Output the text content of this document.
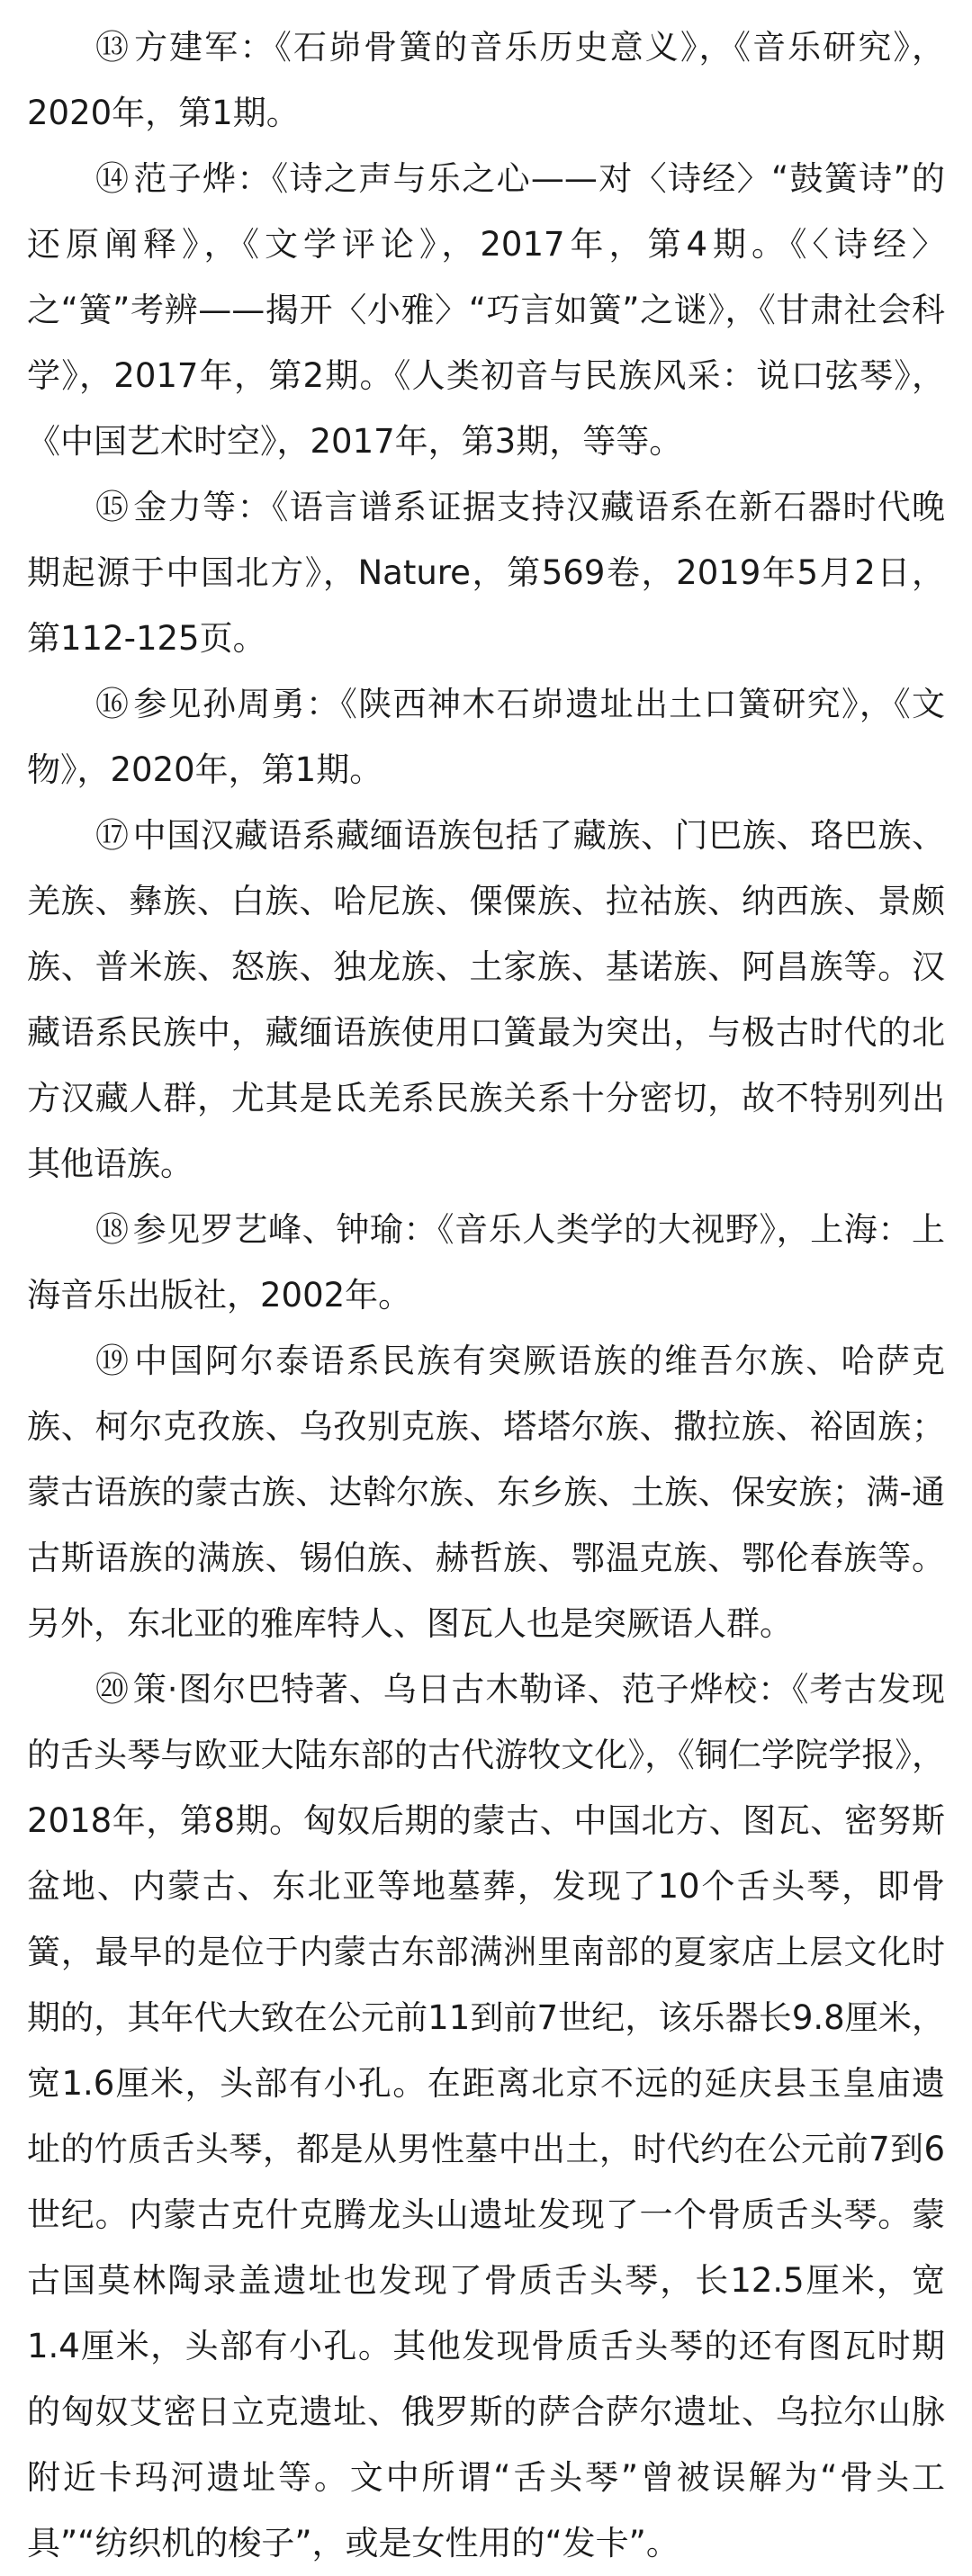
⑬ 方建军：《石峁骨簧的音乐历史意义》，《音乐研究》，2020年，第1期。

⑭ 范子烨：《诗之声与乐之心——对〈诗经〉“鼓簧诗”的还原阐释》，《文学评论》，2017年，第4期。《〈诗经〉之“簧”考辨——揭开〈小雅〉“巧言如簧”之谜》，《甘肃社会科学》，2017年，第2期。《人类初音与民族风采：说口弦琴》，《中国艺术时空》，2017年，第3期，等等。

⑮ 金力等：《语言谱系证据支持汉藏语系在新石器时代晚期起源于中国北方》，Nature，第569卷，2019年5月2日，第112-125页。

⑯ 参见孙周勇：《陕西神木石峁遗址出土口簧研究》，《文物》，2020年，第1期。

⑰ 中国汉藏语系藏缅语族包括了藏族、门巴族、珞巴族、羌族、彝族、白族、哈尼族、傈僳族、拉祜族、纳西族、景颇族、普米族、怒族、独龙族、土家族、基诺族、阿昌族等。汉藏语系民族中，藏缅语族使用口簧最为突出，与极古时代的北方汉藏人群，尤其是氐羌系民族关系十分密切，故不特别列出其他语族。

⑱ 参见罗艺峰、钟瑜：《音乐人类学的大视野》，上海：上海音乐出版社，2002年。

⑲ 中国阿尔泰语系民族有突厥语族的维吾尔族、哈萨克族、柯尔克孜族、乌孜别克族、塔塔尔族、撒拉族、裕固族；蒙古语族的蒙古族、达斡尔族、东乡族、土族、保安族；满-通古斯语族的满族、锡伯族、赫哲族、鄂温克族、鄂伦春族等。另外，东北亚的雅库特人、图瓦人也是突厥语人群。

⑳ 策·图尔巴特著、乌日古木勒译、范子烨校：《考古发现的舌头琴与欧亚大陆东部的古代游牧文化》，《铜仁学院学报》，2018年，第8期。匈奴后期的蒙古、中国北方、图瓦、密努斯盆地、内蒙古、东北亚等地墓葬，发现了10个舌头琴，即骨簧，最早的是位于内蒙古东部满洲里南部的夏家店上层文化时期的，其年代大致在公元前11到前7世纪，该乐器长9.8厘米，宽1.6厘米，头部有小孔。在距离北京不远的延庆县玉皇庙遗址的竹质舌头琴，都是从男性墓中出土，时代约在公元前7到6世纪。内蒙古克什克腾龙头山遗址发现了一个骨质舌头琴。蒙古国莫林陶录盖遗址也发现了骨质舌头琴，长12.5厘米，宽1.4厘米，头部有小孔。其他发现骨质舌头琴的还有图瓦时期的匈奴艾密日立克遗址、俄罗斯的萨合萨尔遗址、乌拉尔山脉附近卡玛河遗址等。文中所谓“舌头琴”曾被误解为“骨头工具”“纺织机的梭子”，或是女性用的“发卡”。
